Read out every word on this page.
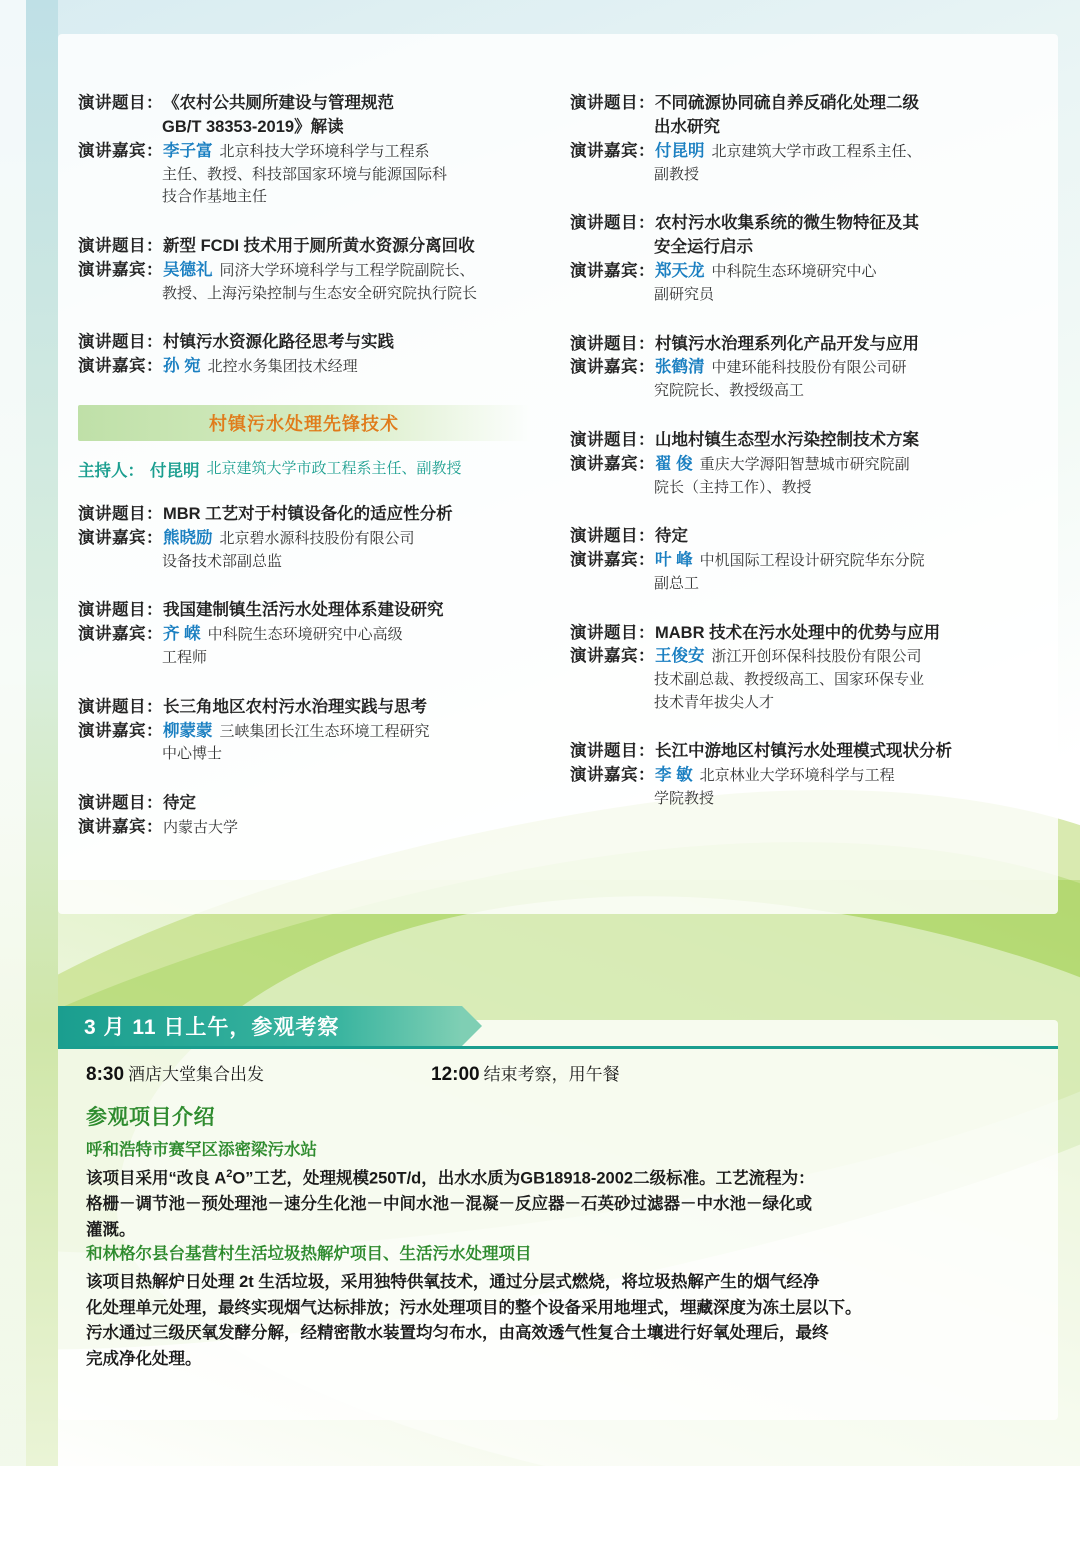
演讲题目： 《农村公共厕所建设与管理规范
GB/T 38353-2019》解读
演讲嘉宾： 李子富 北京科技大学环境科学与工程系
主任、教授、科技部国家环境与能源国际科
技合作基地主任
演讲题目： 新型 FCDI 技术用于厕所黄水资源分离回收
演讲嘉宾： 吴德礼 同济大学环境科学与工程学院副院长、
教授、上海污染控制与生态安全研究院执行院长
演讲题目： 村镇污水资源化路径思考与实践
演讲嘉宾： 孙 宛 北控水务集团技术经理
村镇污水处理先锋技术
主持人： 付昆明 北京建筑大学市政工程系主任、副教授
演讲题目： MBR 工艺对于村镇设备化的适应性分析
演讲嘉宾： 熊晓励 北京碧水源科技股份有限公司
设备技术部副总监
演讲题目： 我国建制镇生活污水处理体系建设研究
演讲嘉宾： 齐 嵘 中科院生态环境研究中心高级
工程师
演讲题目： 长三角地区农村污水治理实践与思考
演讲嘉宾： 柳蒙蒙 三峡集团长江生态环境工程研究
中心博士
演讲题目： 待定
演讲嘉宾： 内蒙古大学
演讲题目： 不同硫源协同硫自养反硝化处理二级
出水研究
演讲嘉宾： 付昆明 北京建筑大学市政工程系主任、
副教授
演讲题目： 农村污水收集系统的微生物特征及其
安全运行启示
演讲嘉宾： 郑天龙 中科院生态环境研究中心
副研究员
演讲题目： 村镇污水治理系列化产品开发与应用
演讲嘉宾： 张鹤清 中建环能科技股份有限公司研
究院院长、教授级高工
演讲题目： 山地村镇生态型水污染控制技术方案
演讲嘉宾： 翟 俊 重庆大学溽阳智慧城市研究院副
院长（主持工作）、教授
演讲题目： 待定
演讲嘉宾： 叶 峰 中机国际工程设计研究院华东分院
副总工
演讲题目： MABR 技术在污水处理中的优势与应用
演讲嘉宾： 王俊安 浙江开创环保科技股份有限公司
技术副总裁、教授级高工、国家环保专业
技术青年拔尖人才
演讲题目： 长江中游地区村镇污水处理模式现状分析
演讲嘉宾： 李 敏 北京林业大学环境科学与工程
学院教授
3 月 11 日上午，参观考察
8:30 酒店大堂集合出发	12:00 结束考察，用午餐
参观项目介绍
呼和浩特市赛罕区添密梁污水站
该项目采用“改良 $A^2O$”工艺，处理规模250T/d，出水水质为GB18918-2002二级标准。工艺流程为：
格栅－调节池－预处理池－速分生化池－中间水池－混凝－反应器－石英砂过滤器－中水池－绿化或
灌溉。
和林格尔县台基营村生活垃圾热解炉项目、生活污水处理项目
该项目热解炉日处理 2t 生活垃圾，采用独特供氧技术，通过分层式燃烧，将垃圾热解产生的烟气经净
化处理单元处理，最终实现烟气达标排放；污水处理项目的整个设备采用地埋式，埋藏深度为冻土层以下。
污水通过三级厌氧发酵分解，经精密散水装置均匀布水，由高效透气性复合土壤进行好氧处理后，最终
完成净化处理。
